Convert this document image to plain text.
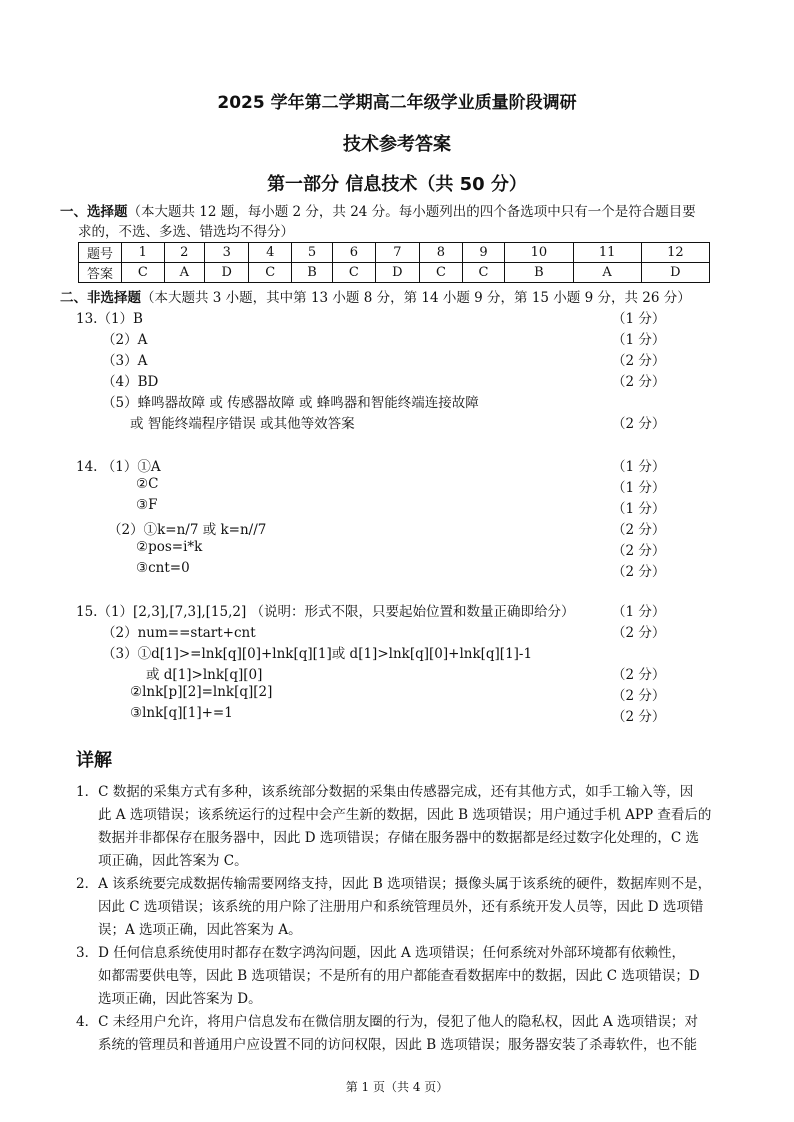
2025 学年第二学期高二年级学业质量阶段调研
技术参考答案
第一部分 信息技术（共 50 分）
一、选择题（本大题共 12 题，每小题 2 分，共 24 分。每小题列出的四个备选项中只有一个是符合题目要
求的，不选、多选、错选均不得分）
题号	1	2	3	4	5	6	7	8	9	10	11	12
答案	C	A	D	C	B	C	D	C	C	B	A	D
二、非选择题（本大题共 3 小题，其中第 13 小题 8 分，第 14 小题 9 分，第 15 小题 9 分，共 26 分）
13.（1）B	（1 分）
（2）A	（1 分）
（3）A	（2 分）
（4）BD	（2 分）
（5）蜂鸣器故障 或 传感器故障 或 蜂鸣器和智能终端连接故障
或 智能终端程序错误 或其他等效答案	（2 分）
14. （1）①A	（1 分）
②C	（1 分）
③F	（1 分）
（2）①k=n/7 或 k=n//7	（2 分）
②pos=i*k	（2 分）
③cnt=0	（2 分）
15.（1）[2,3],[7,3],[15,2] （说明：形式不限，只要起始位置和数量正确即给分）	（1 分）
（2）num==start+cnt	（2 分）
（3）①d[1]>=lnk[q][0]+lnk[q][1]或 d[1]>lnk[q][0]+lnk[q][1]-1
或 d[1]>lnk[q][0]	（2 分）
②lnk[p][2]=lnk[q][2]	（2 分）
③lnk[q][1]+=1	（2 分）
详解
1．C 数据的采集方式有多种，该系统部分数据的采集由传感器完成，还有其他方式，如手工输入等，因
此 A 选项错误；该系统运行的过程中会产生新的数据，因此 B 选项错误；用户通过手机 APP 查看后的
数据并非都保存在服务器中，因此 D 选项错误；存储在服务器中的数据都是经过数字化处理的，C 选
项正确，因此答案为 C。
2．A 该系统要完成数据传输需要网络支持，因此 B 选项错误；摄像头属于该系统的硬件，数据库则不是，
因此 C 选项错误；该系统的用户除了注册用户和系统管理员外，还有系统开发人员等，因此 D 选项错
误；A 选项正确，因此答案为 A。
3．D 任何信息系统使用时都存在数字鸿沟问题，因此 A 选项错误；任何系统对外部环境都有依赖性，
如都需要供电等，因此 B 选项错误；不是所有的用户都能查看数据库中的数据，因此 C 选项错误；D
选项正确，因此答案为 D。
4．C 未经用户允许，将用户信息发布在微信朋友圈的行为，侵犯了他人的隐私权，因此 A 选项错误；对
系统的管理员和普通用户应设置不同的访问权限，因此 B 选项错误；服务器安装了杀毒软件，也不能
第 1 页（共 4 页）
